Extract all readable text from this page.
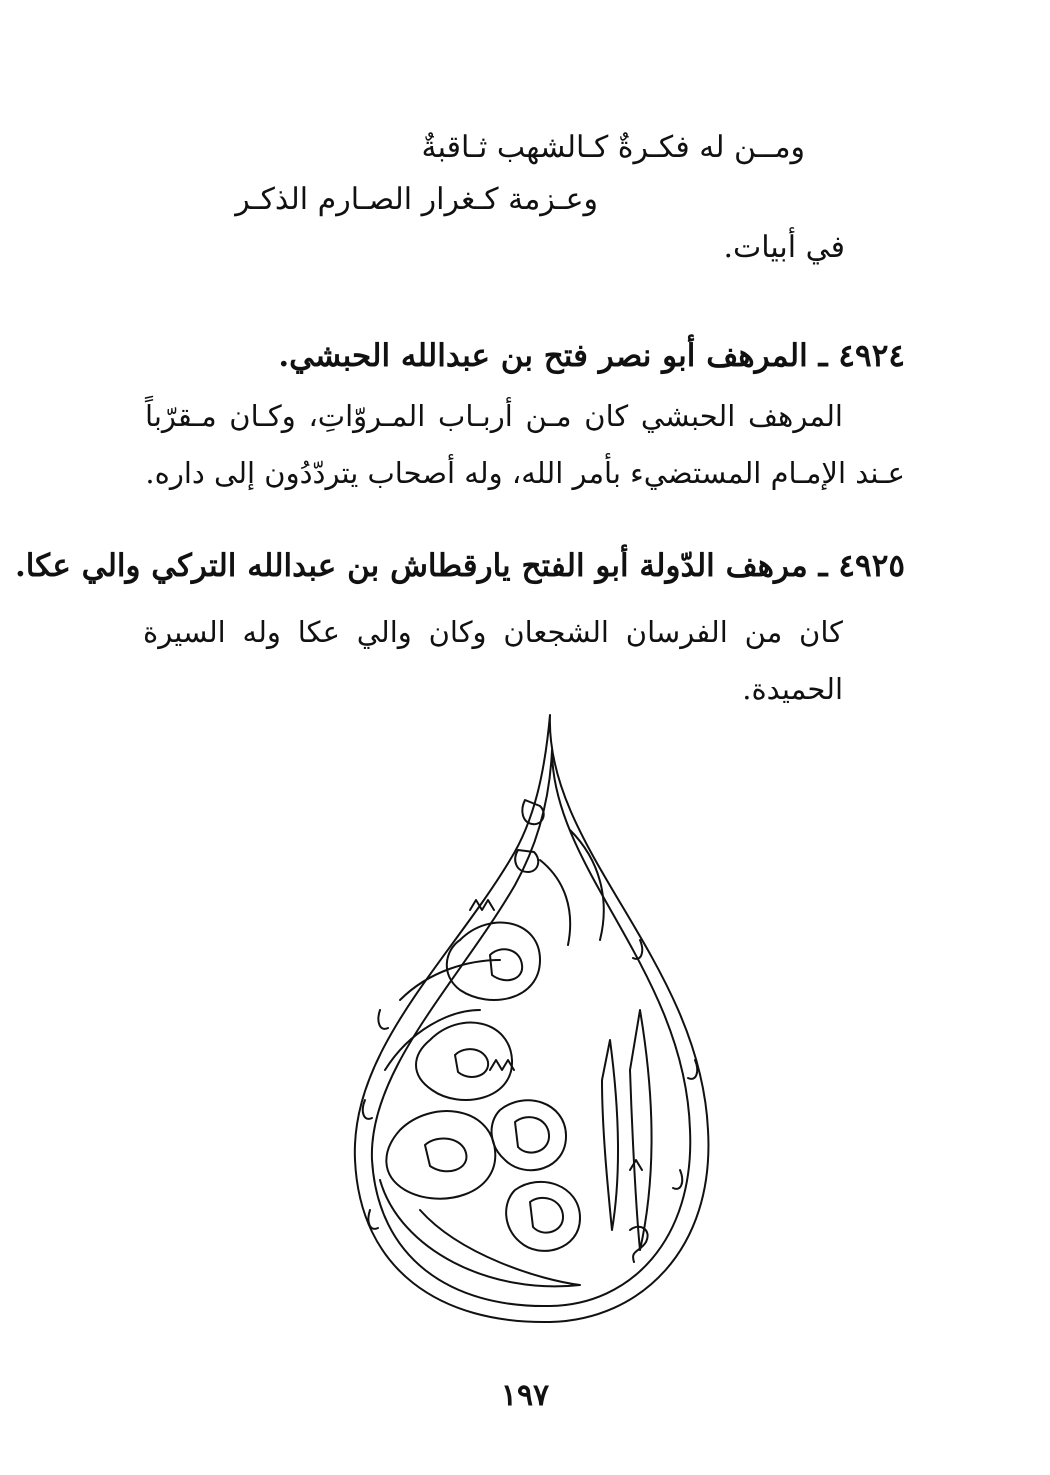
ومــن له فكـرةٌ كـالشهب ثـاقبةٌ
وعـزمة كـغرار الصـارم الذكـر
في أبيات.
٤٩٢٤ ـ المرهف أبو نصر فتح بن عبدالله الحبشي.
المرهف الحبشي كان مـن أربـاب المـروّاتِ، وكـان مـقرّباً عـند الإمـام المستضيء بأمر الله، وله أصحاب يتردّدُون إلى داره.
٤٩٢٥ ـ مرهف الدّولة أبو الفتح يارقطاش بن عبدالله التركي والي عكا.
كان من الفرسان الشجعان وكان والي عكا وله السيرة الحميدة.
١٩٧
